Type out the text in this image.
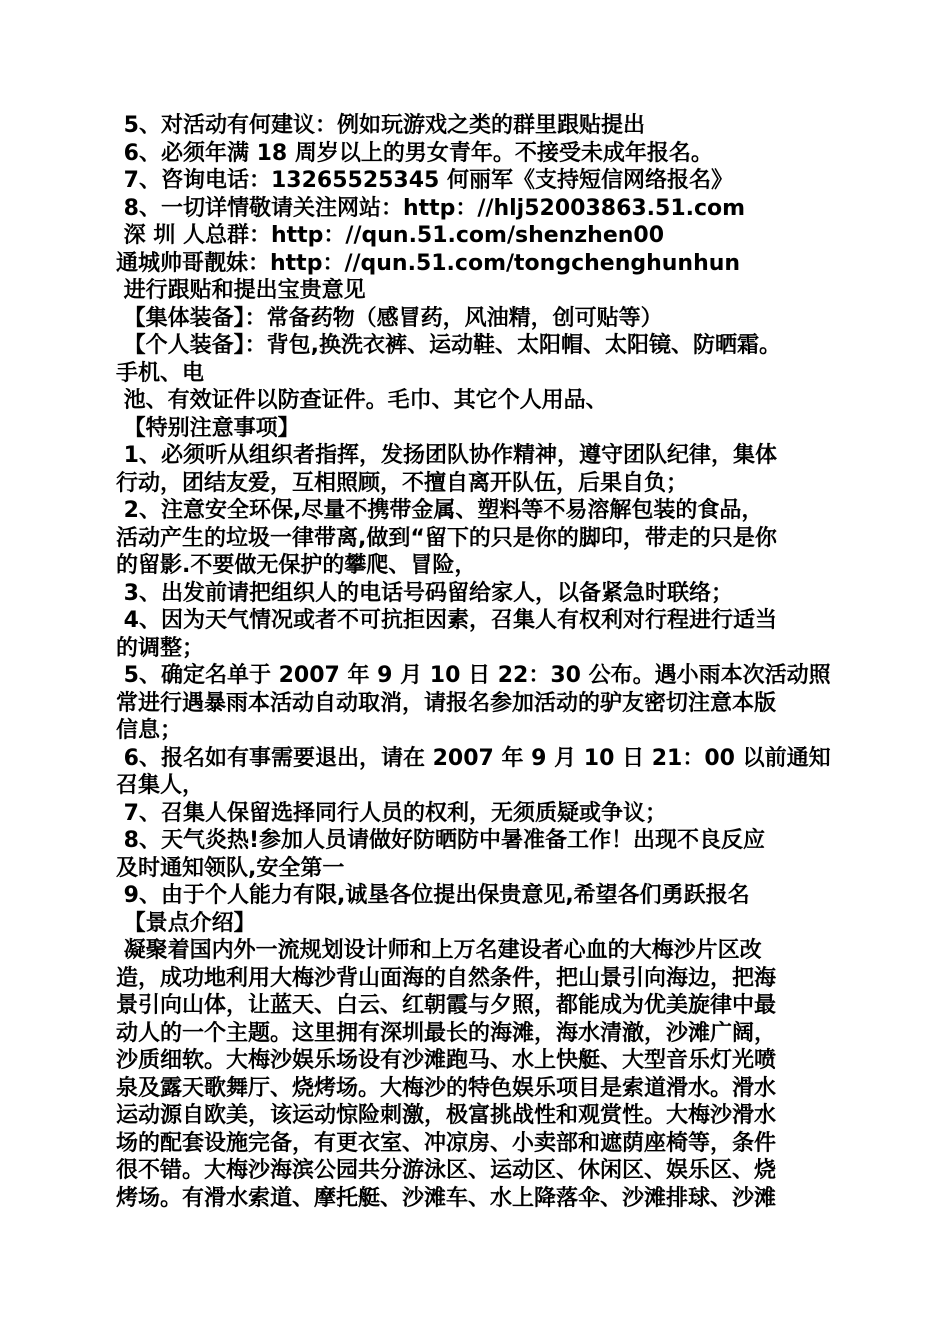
5、对活动有何建议：例如玩游戏之类的群里跟贴提出
6、必须年满 18 周岁以上的男女青年。不接受未成年报名。
7、咨询电话：13265525345 何丽军《支持短信网络报名》
8、一切详情敬请关注网站：http：//hlj52003863.51.com
深 圳 人总群：http：//qun.51.com/shenzhen00
通城帅哥靓妹：http：//qun.51.com/tongchenghunhun
进行跟贴和提出宝贵意见
【集体装备】：常备药物（感冒药，风油精，创可贴等）
【个人装备】：背包,换洗衣裤、运动鞋、太阳帽、太阳镜、防晒霜。
手机、电
池、有效证件以防查证件。毛巾、其它个人用品、
【特别注意事项】
1、必须听从组织者指挥，发扬团队协作精神，遵守团队纪律，集体
行动，团结友爱，互相照顾，不擅自离开队伍，后果自负；
2、注意安全环保,尽量不携带金属、塑料等不易溶解包装的食品，
活动产生的垃圾一律带离,做到“留下的只是你的脚印，带走的只是你
的留影.不要做无保护的攀爬、冒险，
3、出发前请把组织人的电话号码留给家人，以备紧急时联络；
4、因为天气情况或者不可抗拒因素，召集人有权利对行程进行适当
的调整；
5、确定名单于 2007 年 9 月 10 日 22：30 公布。遇小雨本次活动照
常进行遇暴雨本活动自动取消，请报名参加活动的驴友密切注意本版
信息；
6、报名如有事需要退出，请在 2007 年 9 月 10 日 21：00 以前通知
召集人，
7、召集人保留选择同行人员的权利，无须质疑或争议；
8、天气炎热!参加人员请做好防晒防中暑准备工作！出现不良反应
及时通知领队,安全第一
9、由于个人能力有限,诚垦各位提出保贵意见,希望各们勇跃报名
【景点介绍】
凝聚着国内外一流规划设计师和上万名建设者心血的大梅沙片区改
造，成功地利用大梅沙背山面海的自然条件，把山景引向海边，把海
景引向山体，让蓝天、白云、红朝霞与夕照，都能成为优美旋律中最
动人的一个主题。这里拥有深圳最长的海滩，海水清澈，沙滩广阔，
沙质细软。大梅沙娱乐场设有沙滩跑马、水上快艇、大型音乐灯光喷
泉及露天歌舞厅、烧烤场。大梅沙的特色娱乐项目是索道滑水。滑水
运动源自欧美，该运动惊险刺激，极富挑战性和观赏性。大梅沙滑水
场的配套设施完备，有更衣室、冲凉房、小卖部和遮荫座椅等，条件
很不错。大梅沙海滨公园共分游泳区、运动区、休闲区、娱乐区、烧
烤场。有滑水索道、摩托艇、沙滩车、水上降落伞、沙滩排球、沙滩
